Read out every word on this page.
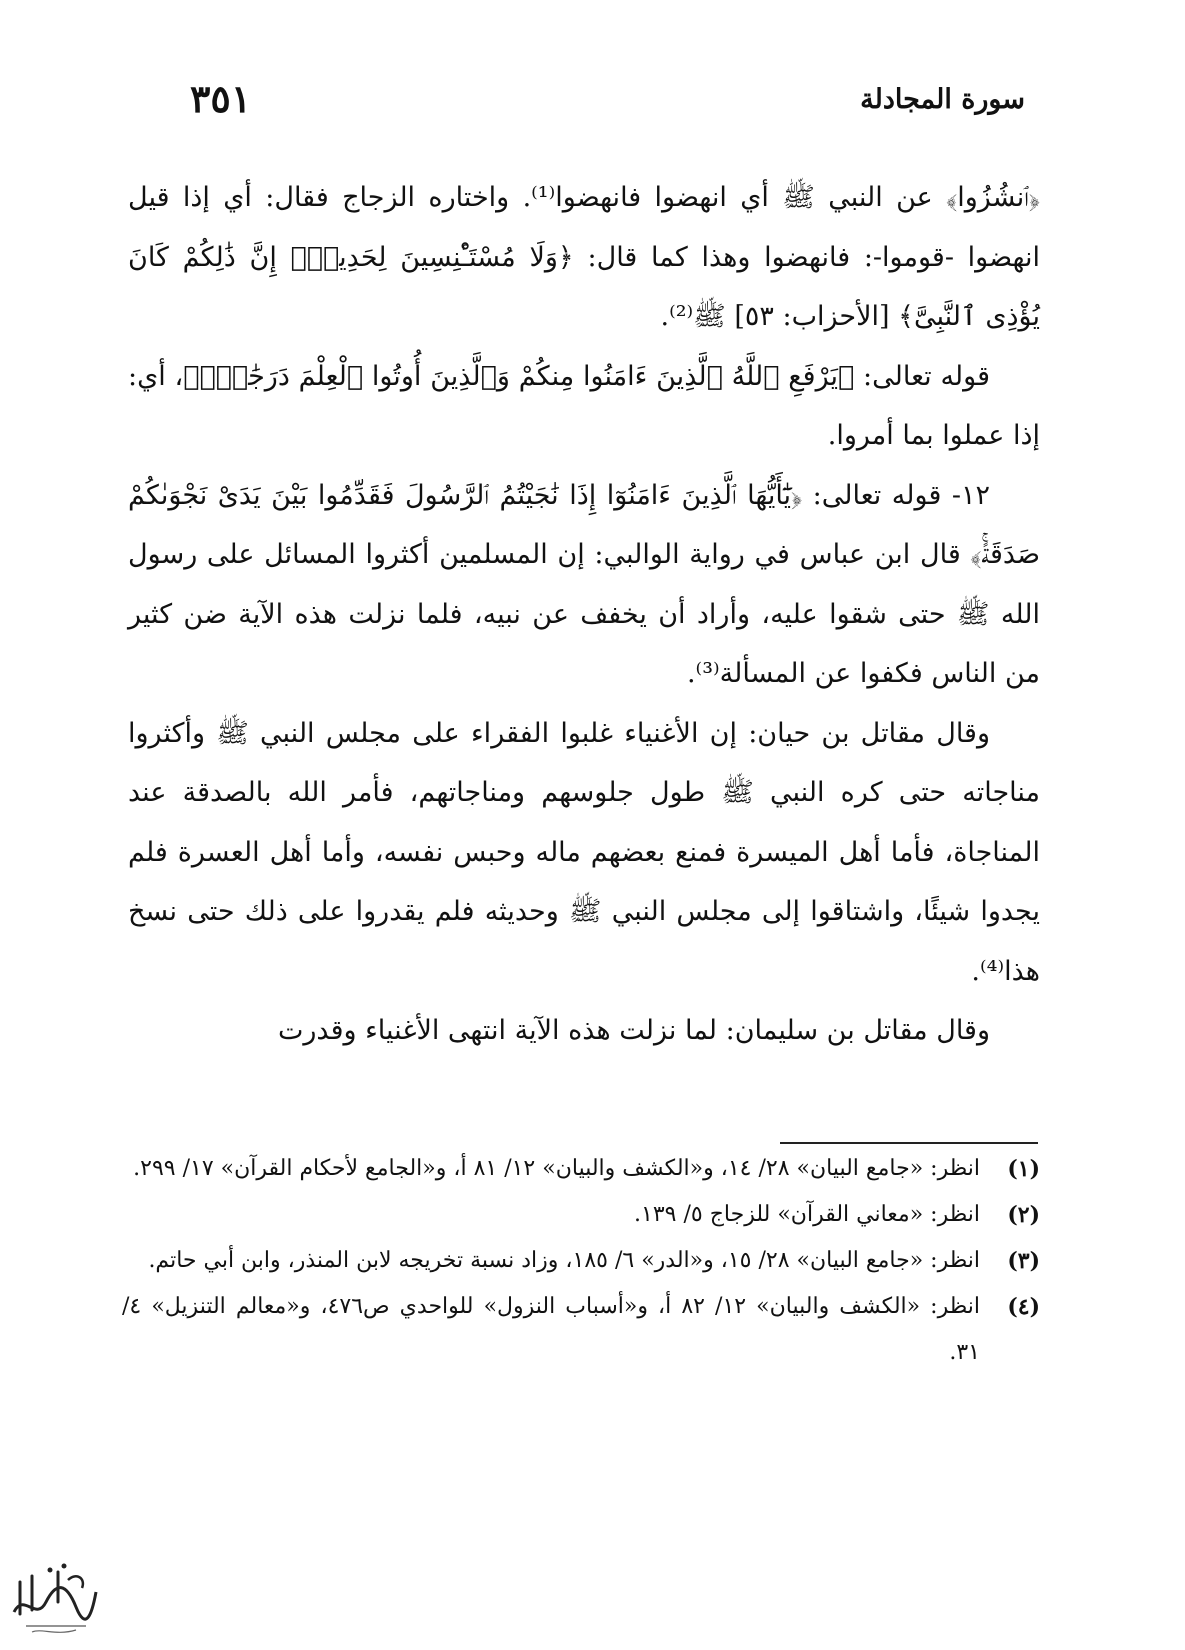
سورة المجادلة
٣٥١

﴿ٱنشُزُوا﴾ عن النبي ﷺ أي انهضوا فانهضوا⁽¹⁾. واختاره الزجاج فقال: أي إذا قيل انهضوا -قوموا-: فانهضوا وهذا كما قال: ﴿وَلَا مُسْتَـْٔنِسِينَ لِحَدِيثٍۚ إِنَّ ذَٰلِكُمْ كَانَ يُؤْذِى ٱلنَّبِىَّ﴾ [الأحزاب: ٥٣] ﷺ⁽²⁾.

قوله تعالى: ﴿يَرْفَعِ ٱللَّهُ ٱلَّذِينَ ءَامَنُوا مِنكُمْ وَٱلَّذِينَ أُوتُوا ٱلْعِلْمَ دَرَجَٰتٍۚ﴾، أي: إذا عملوا بما أمروا.

١٢- قوله تعالى: ﴿يَٰٓأَيُّهَا ٱلَّذِينَ ءَامَنُوٓا إِذَا نَٰجَيْتُمُ ٱلرَّسُولَ فَقَدِّمُوا بَيْنَ يَدَىْ نَجْوَىٰكُمْ صَدَقَةًۚ﴾ قال ابن عباس في رواية الوالبي: إن المسلمين أكثروا المسائل على رسول الله ﷺ حتى شقوا عليه، وأراد أن يخفف عن نبيه، فلما نزلت هذه الآية ضن كثير من الناس فكفوا عن المسألة⁽³⁾.

وقال مقاتل بن حيان: إن الأغنياء غلبوا الفقراء على مجلس النبي ﷺ وأكثروا مناجاته حتى كره النبي ﷺ طول جلوسهم ومناجاتهم، فأمر الله بالصدقة عند المناجاة، فأما أهل الميسرة فمنع بعضهم ماله وحبس نفسه، وأما أهل العسرة فلم يجدوا شيئًا، واشتاقوا إلى مجلس النبي ﷺ وحديثه فلم يقدروا على ذلك حتى نسخ هذا⁽⁴⁾.

وقال مقاتل بن سليمان: لما نزلت هذه الآية انتهى الأغنياء وقدرت

(١)
انظر: «جامع البيان» ٢٨/ ١٤، و«الكشف والبيان» ١٢/ ٨١ أ، و«الجامع لأحكام القرآن» ١٧/ ٢٩٩.
(٢)
انظر: «معاني القرآن» للزجاج ٥/ ١٣٩.
(٣)
انظر: «جامع البيان» ٢٨/ ١٥، و«الدر» ٦/ ١٨٥، وزاد نسبة تخريجه لابن المنذر، وابن أبي حاتم.
(٤)
انظر: «الكشف والبيان» ١٢/ ٨٢ أ، و«أسباب النزول» للواحدي ص٤٧٦، و«معالم التنزيل» ٤/ ٣١.
